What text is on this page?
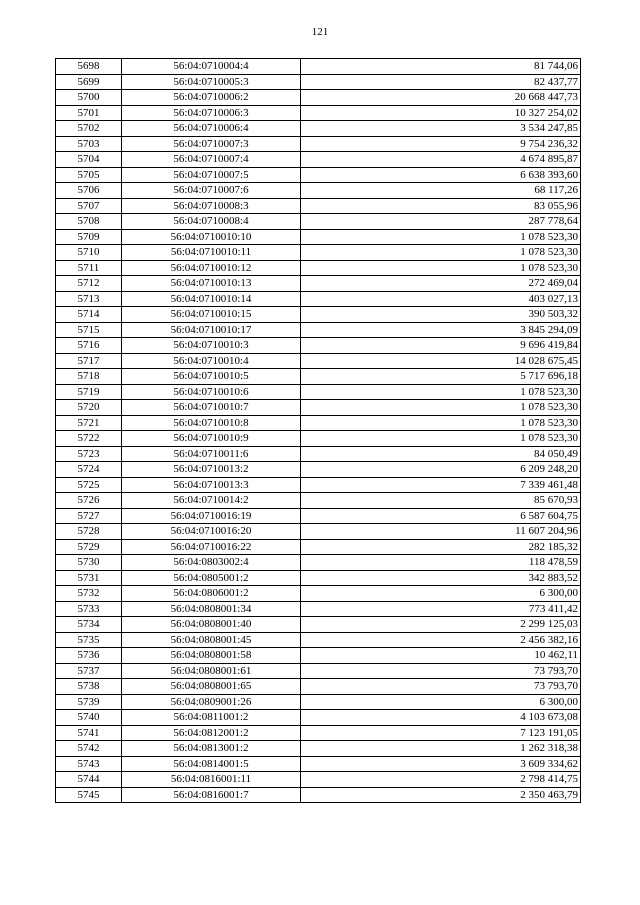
121
5698	56:04:0710004:4	81 744,06
5699	56:04:0710005:3	82 437,77
5700	56:04:0710006:2	20 668 447,73
5701	56:04:0710006:3	10 327 254,02
5702	56:04:0710006:4	3 534 247,85
5703	56:04:0710007:3	9 754 236,32
5704	56:04:0710007:4	4 674 895,87
5705	56:04:0710007:5	6 638 393,60
5706	56:04:0710007:6	68 117,26
5707	56:04:0710008:3	83 055,96
5708	56:04:0710008:4	287 778,64
5709	56:04:0710010:10	1 078 523,30
5710	56:04:0710010:11	1 078 523,30
5711	56:04:0710010:12	1 078 523,30
5712	56:04:0710010:13	272 469,04
5713	56:04:0710010:14	403 027,13
5714	56:04:0710010:15	390 503,32
5715	56:04:0710010:17	3 845 294,09
5716	56:04:0710010:3	9 696 419,84
5717	56:04:0710010:4	14 028 675,45
5718	56:04:0710010:5	5 717 696,18
5719	56:04:0710010:6	1 078 523,30
5720	56:04:0710010:7	1 078 523,30
5721	56:04:0710010:8	1 078 523,30
5722	56:04:0710010:9	1 078 523,30
5723	56:04:0710011:6	84 050,49
5724	56:04:0710013:2	6 209 248,20
5725	56:04:0710013:3	7 339 461,48
5726	56:04:0710014:2	85 670,93
5727	56:04:0710016:19	6 587 604,75
5728	56:04:0710016:20	11 607 204,96
5729	56:04:0710016:22	282 185,32
5730	56:04:0803002:4	118 478,59
5731	56:04:0805001:2	342 883,52
5732	56:04:0806001:2	6 300,00
5733	56:04:0808001:34	773 411,42
5734	56:04:0808001:40	2 299 125,03
5735	56:04:0808001:45	2 456 382,16
5736	56:04:0808001:58	10 462,11
5737	56:04:0808001:61	73 793,70
5738	56:04:0808001:65	73 793,70
5739	56:04:0809001:26	6 300,00
5740	56:04:0811001:2	4 103 673,08
5741	56:04:0812001:2	7 123 191,05
5742	56:04:0813001:2	1 262 318,38
5743	56:04:0814001:5	3 609 334,62
5744	56:04:0816001:11	2 798 414,75
5745	56:04:0816001:7	2 350 463,79
